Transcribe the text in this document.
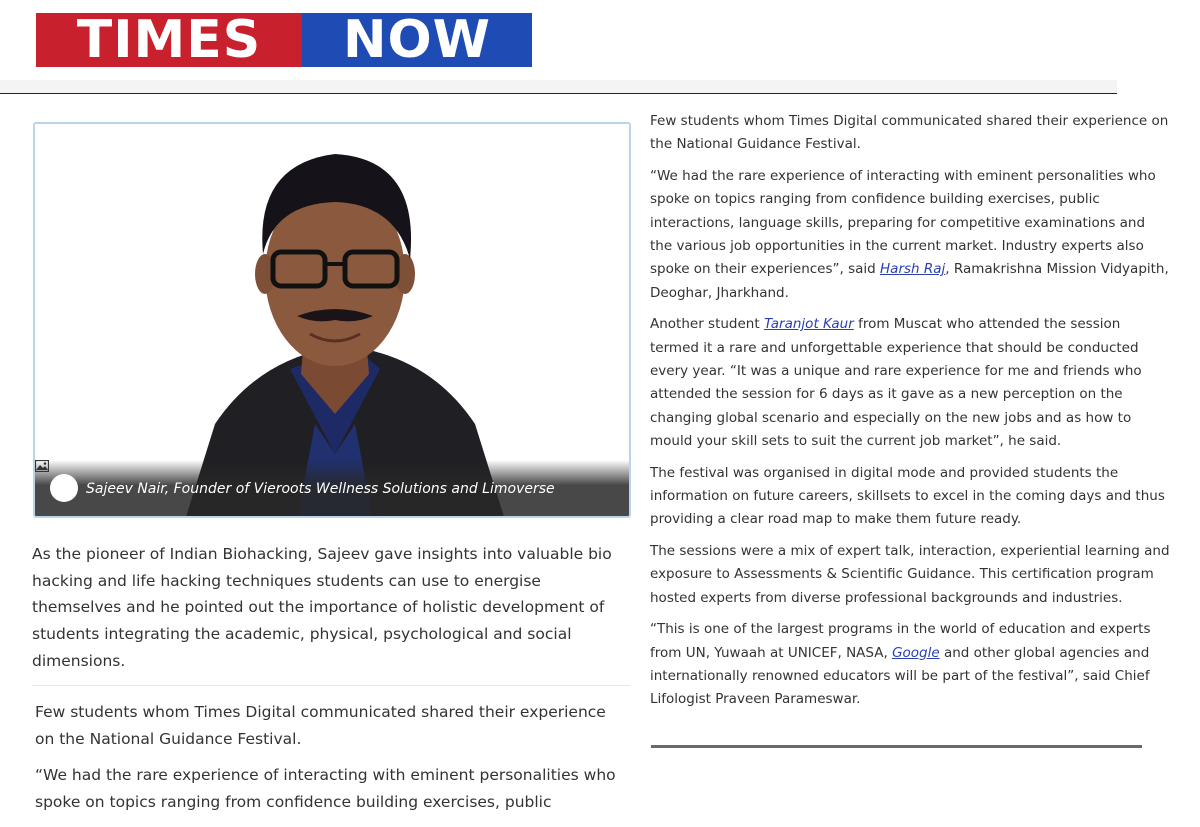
TIMES	NOW
Sajeev Nair, Founder of Vieroots Wellness Solutions and Limoverse

As the pioneer of Indian Biohacking, Sajeev gave insights into valuable bio hacking and life hacking techniques students can use to energise themselves and he pointed out the importance of holistic development of students integrating the academic, physical, psychological and social dimensions.

Few students whom Times Digital communicated shared their experience on the National Guidance Festival.

“We had the rare experience of interacting with eminent personalities who spoke on topics ranging from confidence building exercises, public

Few students whom Times Digital communicated shared their experience on the National Guidance Festival.

“We had the rare experience of interacting with eminent personalities who spoke on topics ranging from confidence building exercises, public interactions, language skills, preparing for competitive examinations and the various job opportunities in the current market. Industry experts also spoke on their experiences”, said Harsh Raj, Ramakrishna Mission Vidyapith, Deoghar, Jharkhand.

Another student Taranjot Kaur from Muscat who attended the session termed it a rare and unforgettable experience that should be conducted every year. “It was a unique and rare experience for me and friends who attended the session for 6 days as it gave as a new perception on the changing global scenario and especially on the new jobs and as how to mould your skill sets to suit the current job market”, he said.

The festival was organised in digital mode and provided students the information on future careers, skillsets to excel in the coming days and thus providing a clear road map to make them future ready.

The sessions were a mix of expert talk, interaction, experiential learning and exposure to Assessments & Scientific Guidance. This certification program hosted experts from diverse professional backgrounds and industries.

“This is one of the largest programs in the world of education and experts from UN, Yuwaah at UNICEF, NASA, Google and other global agencies and internationally renowned educators will be part of the festival”, said Chief Lifologist Praveen Parameswar.
